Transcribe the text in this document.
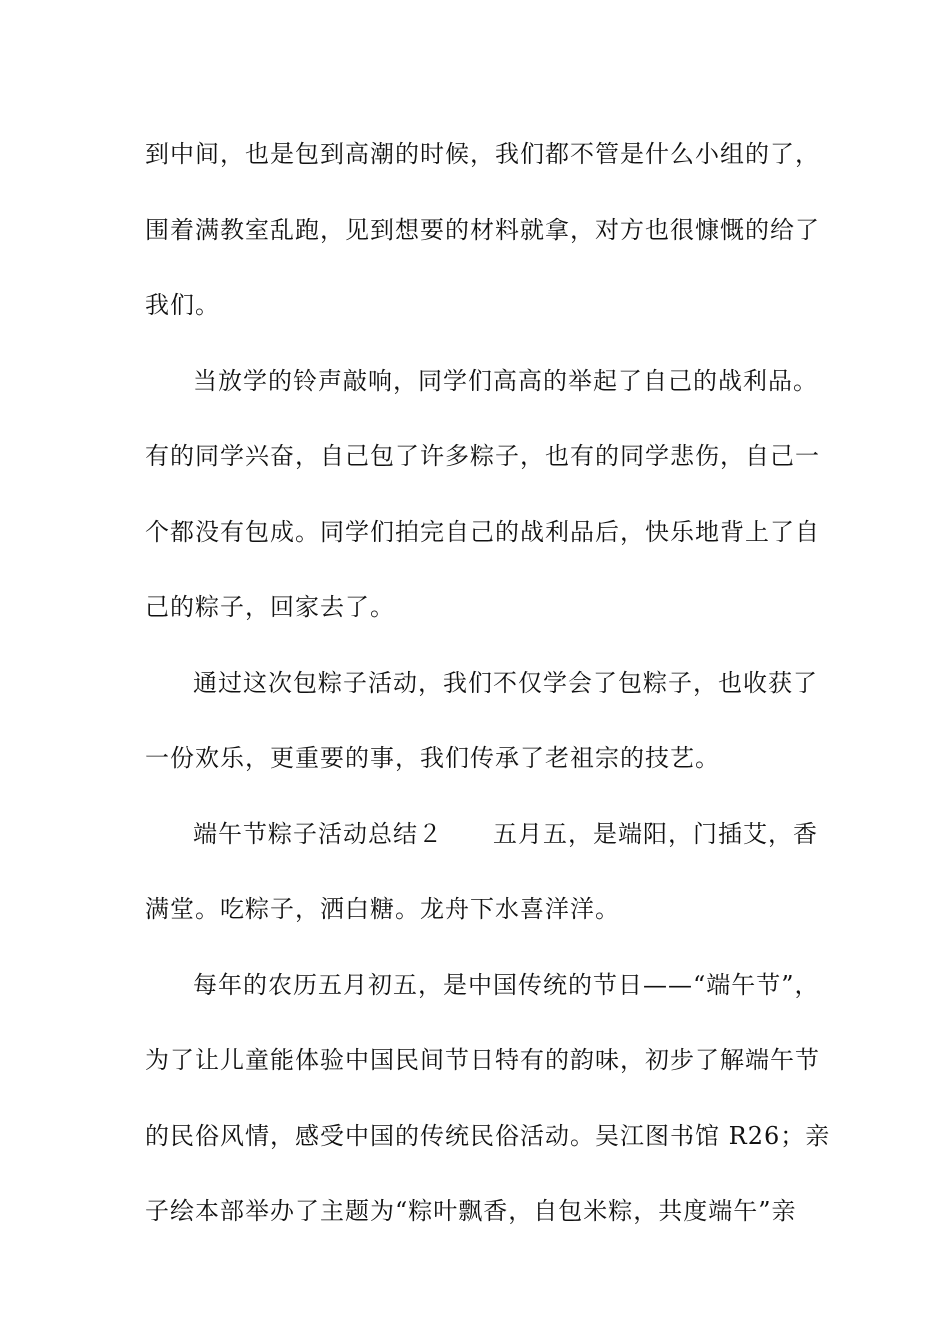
到中间，也是包到高潮的时候，我们都不管是什么小组的了，
围着满教室乱跑，见到想要的材料就拿，对方也很慷慨的给了
我们。
当放学的铃声敲响，同学们高高的举起了自己的战利品。
有的同学兴奋，自己包了许多粽子，也有的同学悲伤，自己一
个都没有包成。同学们拍完自己的战利品后，快乐地背上了自
己的粽子，回家去了。
通过这次包粽子活动，我们不仅学会了包粽子，也收获了
一份欢乐，更重要的事，我们传承了老祖宗的技艺。
端午节粽子活动总结２　　五月五，是端阳，门插艾，香
满堂。吃粽子，洒白糖。龙舟下水喜洋洋。
每年的农历五月初五，是中国传统的节日——“端午节”，
为了让儿童能体验中国民间节日特有的韵味，初步了解端午节
的民俗风情，感受中国的传统民俗活动。吴江图书馆 R26；亲
子绘本部举办了主题为“粽叶飘香，自包米粽，共度端午”亲
